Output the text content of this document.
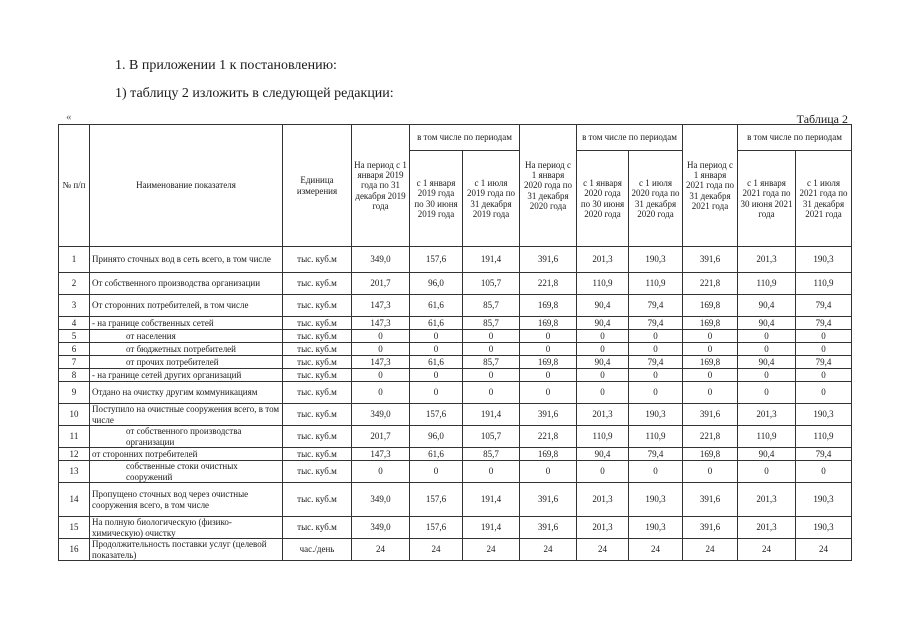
1. В приложении 1 к постановлению:
1) таблицу 2 изложить в следующей редакции:
«	Таблица 2
№ п/п	Наименование показателя	Единица измерения	На период с 1 января 2019 года по 31 декабря 2019 года	в том числе по периодам		На период с 1 января 2020 года по 31 декабря 2020 года	в том числе по периодам		На период с 1 января 2021 года по 31 декабря 2021 года	в том числе по периодам	
				с 1 января 2019 года по 30 июня 2019 года	с 1 июля 2019 года по 31 декабря 2019 года		с 1 января 2020 года по 30 июня 2020 года	с 1 июля 2020 года по 31 декабря 2020 года		с 1 января 2021 года по 30 июня 2021 года	с 1 июля 2021 года по 31 декабря 2021 года
1	Принято сточных вод в сеть всего, в том числе	тыс. куб.м	349,0	157,6	191,4	391,6	201,3	190,3	391,6	201,3	190,3
2	От собственного производства организации	тыс. куб.м	201,7	96,0	105,7	221,8	110,9	110,9	221,8	110,9	110,9
3	От сторонних потребителей, в том числе	тыс. куб.м	147,3	61,6	85,7	169,8	90,4	79,4	169,8	90,4	79,4
4	- на границе собственных сетей	тыс. куб.м	147,3	61,6	85,7	169,8	90,4	79,4	169,8	90,4	79,4
5	от населения	тыс. куб.м	0	0	0	0	0	0	0	0	0
6	от бюджетных потребителей	тыс. куб.м	0	0	0	0	0	0	0	0	0
7	от прочих потребителей	тыс. куб.м	147,3	61,6	85,7	169,8	90,4	79,4	169,8	90,4	79,4
8	- на границе сетей других организаций	тыс. куб.м	0	0	0	0	0	0	0	0	0
9	Отдано на очистку другим коммуникациям	тыс. куб.м	0	0	0	0	0	0	0	0	0
10	Поступило на очистные сооружения всего, в том числе	тыс. куб.м	349,0	157,6	191,4	391,6	201,3	190,3	391,6	201,3	190,3
11	от собственного производства организации	тыс. куб.м	201,7	96,0	105,7	221,8	110,9	110,9	221,8	110,9	110,9
12	от сторонних потребителей	тыс. куб.м	147,3	61,6	85,7	169,8	90,4	79,4	169,8	90,4	79,4
13	собственные стоки очистных сооружений	тыс. куб.м	0	0	0	0	0	0	0	0	0
14	Пропущено сточных вод через очистные сооружения всего, в том числе	тыс. куб.м	349,0	157,6	191,4	391,6	201,3	190,3	391,6	201,3	190,3
15	На полную биологическую (физико-химическую) очистку	тыс. куб.м	349,0	157,6	191,4	391,6	201,3	190,3	391,6	201,3	190,3
16	Продолжительность поставки услуг (целевой показатель)	час./день	24	24	24	24	24	24	24	24	24
